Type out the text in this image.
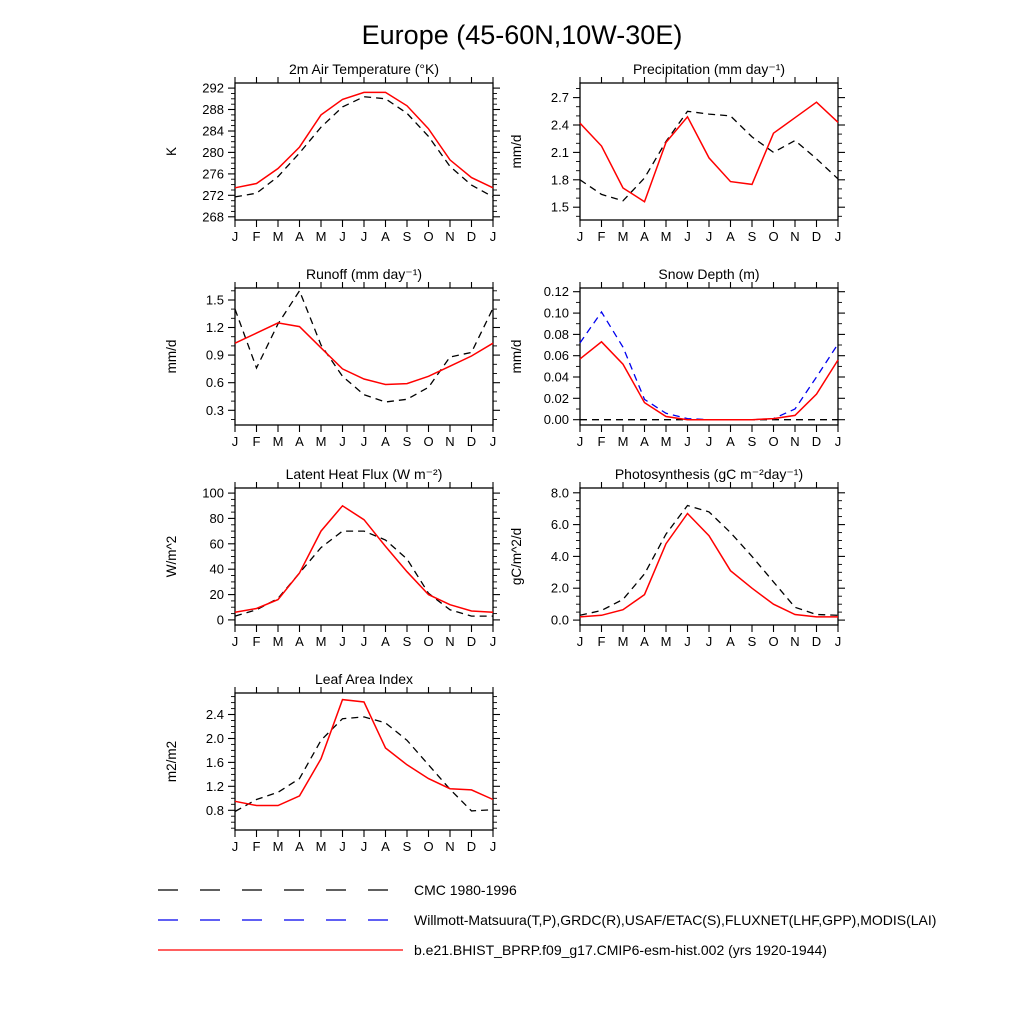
Europe (45-60N,10W-30E)
2m Air Temperature (°K)
K
J F M A M J J A S O N D J
268
272
276
280
284
288
292
Precipitation (mm day⁻¹)
mm/d
J F M A M J J A S O N D J
1.5
1.8
2.1
2.4
2.7
Runoff (mm day⁻¹)
mm/d
J F M A M J J A S O N D J
0.3
0.6
0.9
1.2
1.5
Snow Depth (m)
mm/d
J F M A M J J A S O N D J
0.00
0.02
0.04
0.06
0.08
0.10
0.12
Latent Heat Flux (W m⁻²)
W/m^2
J F M A M J J A S O N D J
0
20
40
60
80
100
Photosynthesis (gC m⁻²day⁻¹)
gC/m^2/d
J F M A M J J A S O N D J
0.0
2.0
4.0
6.0
8.0
Leaf Area Index
m2/m2
J F M A M J J A S O N D J
0.8
1.2
1.6
2.0
2.4
CMC 1980-1996
Willmott-Matsuura(T,P),GRDC(R),USAF/ETAC(S),FLUXNET(LHF,GPP),MODIS(LAI)
b.e21.BHIST_BPRP.f09_g17.CMIP6-esm-hist.002 (yrs 1920-1944)
